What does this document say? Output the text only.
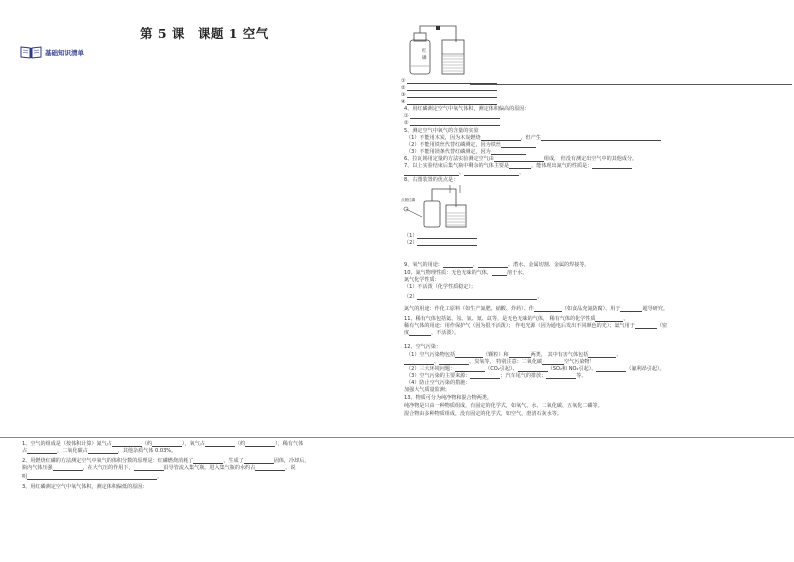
第 5 课　课题 1 空气
基础知识清单	红
磷
①
②
③
④
4、用红磷测定空气中氧气体积，测定体积偏高的原因：
①
②
5、测定空气中氧气的含量的实验
（1）不能用木炭，因为木炭燃烧	，但产生
（2）不能用铁丝代替红磷测定，因为铁丝
（3）不能用镁条代替红磷测定，因为
6、拉瓦锡用定量的方法实验测定空气由	组成， 但没有测定出空气中的其他成分。
7、以上实验结束后集气瓶中剩余的气体主要是	，能体现出氮气的性质是：
、	。
8、右图装置的优点是：
点燃红磷
（1）
（2）
9、氧气的用途：	、	、潜水、金属切割、金属的焊接等。
10、氮气物理性质：无色无味的气体，	溶于水。
氮气化学性质：
（1）不活泼（化学性质稳定）；
（2）	。
氮气的用途：作化工原料（如生产氮肥、硝酸、炸药）、作	（如食品充氮防腐）、用于	超导研究。
11、稀有气体包括氦、氖、氩、氪、氙等，是无色无味的气体， 稀有气体的化学性质	。
稀有气体的用途：用作保护气（因为很不活泼）； 作电光源（因为通电后发出不同颜色的光）；氦气用于	（密
度	，不活泼）。
12、空气污染：
（1）空气污染物包括	（颗粒）和	两类， 其中有害气体包括	、
、	、臭氧等， 特别注意：二氧化碳	空气污染物！
（2）三大环境问题：	（CO₂引起）、	（SO₂和 NO₂引起）、	（氟利昂引起）。
（3）空气污染的主要来源：	；汽车尾气的排放；	等。
（4）防止空气污染的措施：
加强大气质量监测；
13、物质可分为纯净物和混合物两类。
纯净物是只由一种物质组成，有固定的化学式，如氧气、水、二氧化碳、五氧化二磷等。
混合物由多种物质组成，没有固定的化学式，如空气、澄清石灰水等。
1、空气的组成是（按体积计算）氮气占	（约	），氧气占	（约	），稀有气体
占	，二氧化碳占	，其他杂质气体 0.03%。
2、用燃烧红磷的方法测定空气中氧气的体积分数的原理是：红磷燃烧消耗了	，生成了	固体，冷却后，
瓶内气体压强	，在大气压的作用下，	沿导管流入集气瓶，进入集气瓶的水约占	，说
明	。
3、用红磷测定空气中氧气体积，测定体积偏低的原因：
